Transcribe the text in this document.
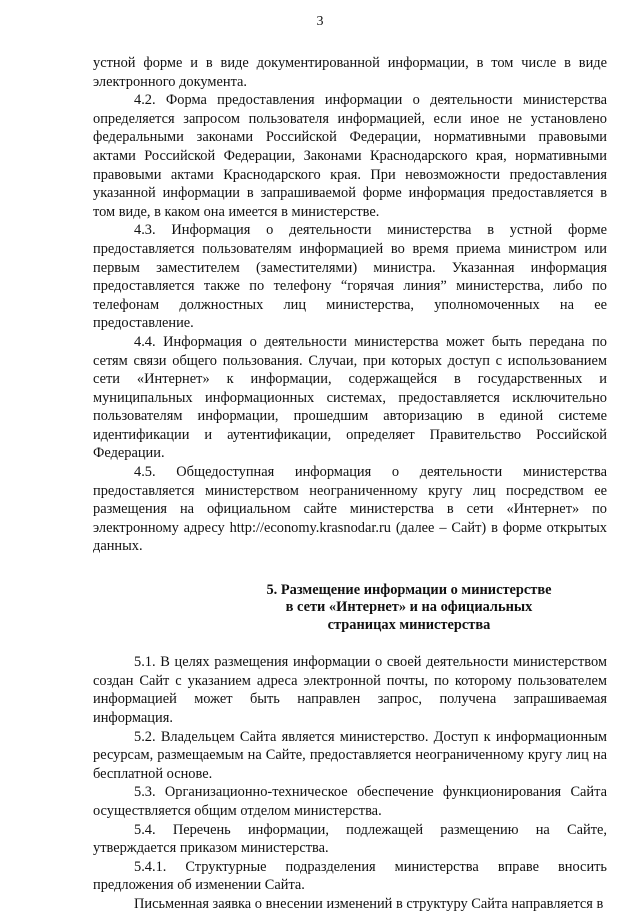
3

устной форме и в виде документированной информации, в том числе в виде электронного документа.

4.2. Форма предоставления информации о деятельности министерства определяется запросом пользователя информацией, если иное не установлено федеральными законами Российской Федерации, нормативными правовыми актами Российской Федерации, Законами Краснодарского края, нормативными правовыми актами Краснодарского края. При невозможности предоставления указанной информации в запрашиваемой форме информация предоставляется в том виде, в каком она имеется в министерстве.

4.3. Информация о деятельности министерства в устной форме предоставляется пользователям информацией во время приема министром или первым заместителем (заместителями) министра. Указанная информация предоставляется также по телефону “горячая линия” министерства, либо по телефонам должностных лиц министерства, уполномоченных на ее предоставление.

4.4. Информация о деятельности министерства может быть передана по сетям связи общего пользования. Случаи, при которых доступ с использованием сети «Интернет» к информации, содержащейся в государственных и муниципальных информационных системах, предоставляется исключительно пользователям информации, прошедшим авторизацию в единой системе идентификации и аутентификации, определяет Правительство Российской Федерации.

4.5. Общедоступная информация о деятельности министерства предоставляется министерством неограниченному кругу лиц посредством ее размещения на официальном сайте министерства в сети «Интернет» по электронному адресу http://economy.krasnodar.ru (далее – Сайт) в форме открытых данных.

5. Размещение информации о министерстве
в сети «Интернет» и на официальных
страницах министерства

5.1. В целях размещения информации о своей деятельности министерством создан Сайт с указанием адреса электронной почты, по которому пользователем информацией может быть направлен запрос, получена запрашиваемая информация.

5.2. Владельцем Сайта является министерство. Доступ к информационным ресурсам, размещаемым на Сайте, предоставляется неограниченному кругу лиц на бесплатной основе.

5.3. Организационно-техническое обеспечение функционирования Сайта осуществляется общим отделом министерства.

5.4. Перечень информации, подлежащей размещению на Сайте, утверждается приказом министерства.

5.4.1. Структурные подразделения министерства вправе вносить предложения об изменении Сайта.

Письменная заявка о внесении изменений в структуру Сайта направляется в
